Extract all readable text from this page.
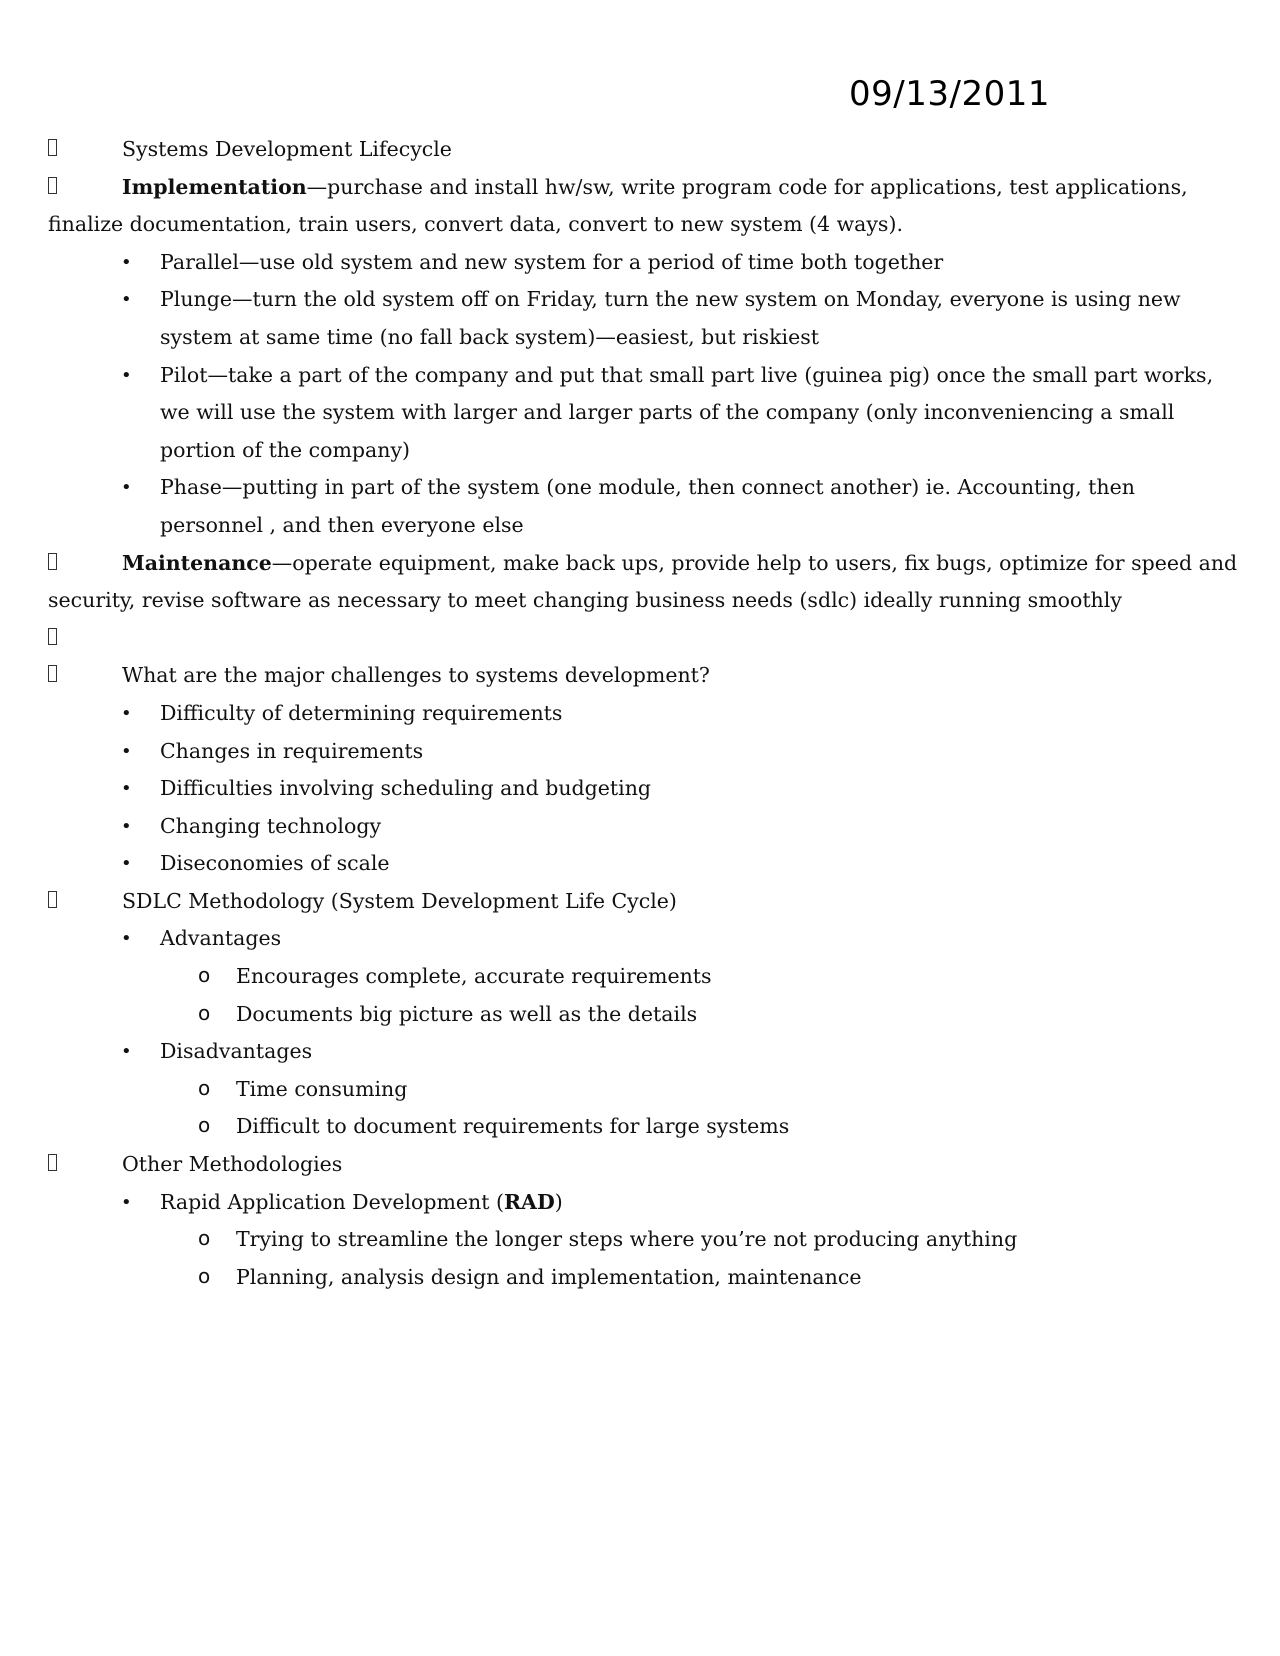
09/13/2011
Systems Development Lifecycle
Implementation—purchase and install hw/sw, write program code for applications, test applications, finalize documentation, train users, convert data, convert to new system (4 ways).
• Parallel—use old system and new system for a period of time both together
• Plunge—turn the old system off on Friday, turn the new system on Monday, everyone is using new system at same time (no fall back system)—easiest, but riskiest
• Pilot—take a part of the company and put that small part live (guinea pig) once the small part works, we will use the system with larger and larger parts of the company (only inconveniencing a small portion of the company)
• Phase—putting in part of the system (one module, then connect another) ie. Accounting, then personnel , and then everyone else
Maintenance—operate equipment, make back ups, provide help to users, fix bugs, optimize for speed and security, revise software as necessary to meet changing business needs (sdlc) ideally running smoothly

What are the major challenges to systems development?
• Difficulty of determining requirements
• Changes in requirements
• Difficulties involving scheduling and budgeting
• Changing technology
• Diseconomies of scale
SDLC Methodology (System Development Life Cycle)
• Advantages
o Encourages complete, accurate requirements
o Documents big picture as well as the details
• Disadvantages
o Time consuming
o Difficult to document requirements for large systems
Other Methodologies
• Rapid Application Development (RAD)
o Trying to streamline the longer steps where you’re not producing anything
o Planning, analysis design and implementation, maintenance
